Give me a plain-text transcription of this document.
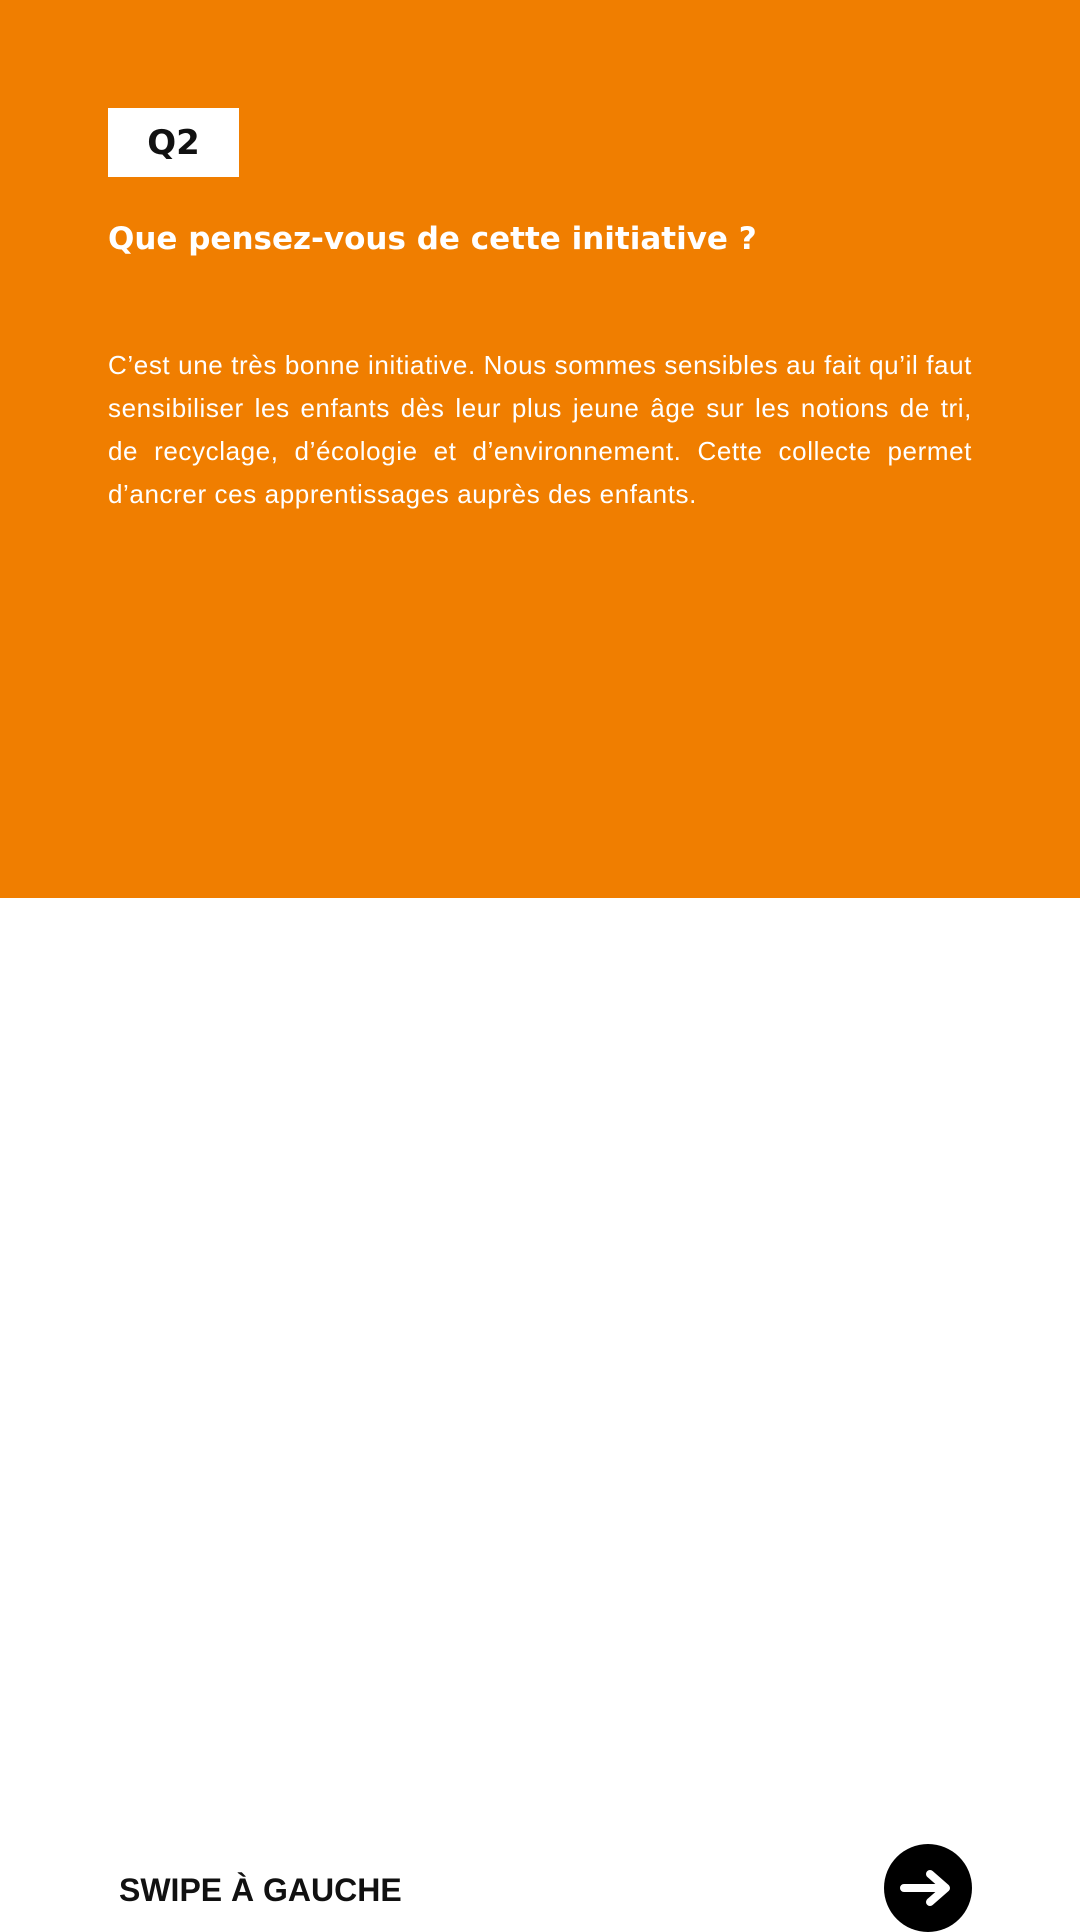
Q2
Que pensez-vous de cette initiative ?

C’est une très bonne initiative. Nous sommes sensibles au fait qu’il faut sensibiliser les enfants dès leur plus jeune âge sur les notions de tri, de recyclage, d’écologie et d’environnement. Cette collecte permet d’ancrer ces apprentissages auprès des enfants.

SWIPE À GAUCHE
